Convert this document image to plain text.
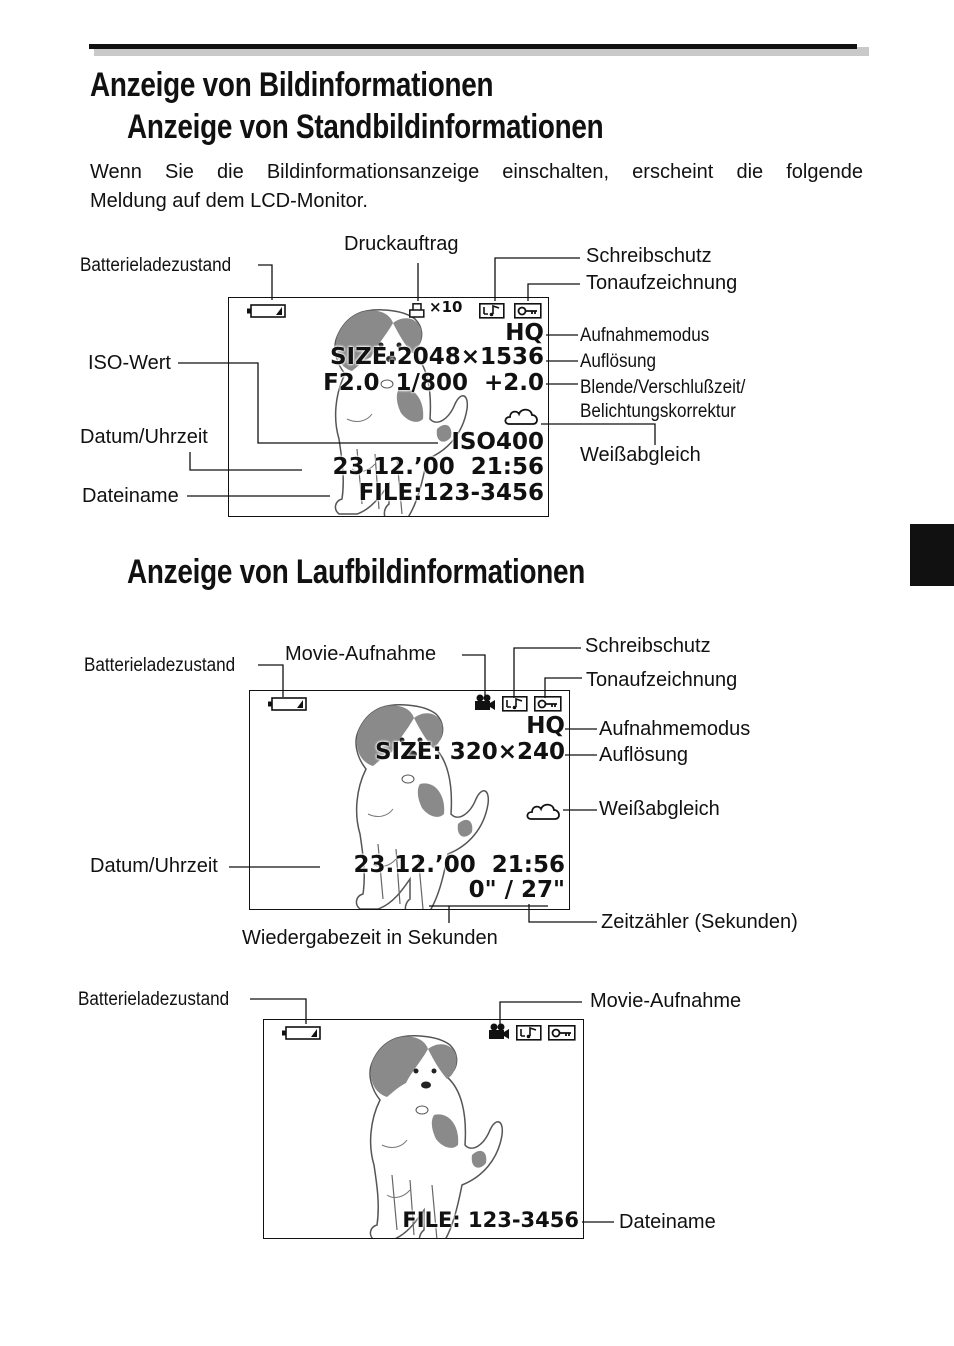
Anzeige von Bildinformationen
Anzeige von Standbildinformationen
Wenn Sie die Bildinformationsanzeige einschalten, erscheint die folgende
Meldung auf dem LCD-Monitor.
×10
HQ
SIZE:2048×1536
F2.0  1/800  +2.0
ISO400
23.12.’00  21:56
FILE:123-3456
Batterieladezustand
Druckauftrag
Schreibschutz
Tonaufzeichnung
Aufnahmemodus
Auflösung
Blende/Verschlußzeit/
Belichtungskorrektur
Weißabgleich
ISO-Wert
Datum/Uhrzeit
Dateiname
Anzeige von Laufbildinformationen
HQ
SIZE: 320×240
23.12.’00  21:56
0" / 27"
Batterieladezustand
Movie-Aufnahme	Schreibschutz
Tonaufzeichnung
Aufnahmemodus
Auflösung
Weißabgleich
Datum/Uhrzeit
Zeitzähler (Sekunden)
Wiedergabezeit in Sekunden
FILE: 123-3456
Batterieladezustand	Movie-Aufnahme
Dateiname
